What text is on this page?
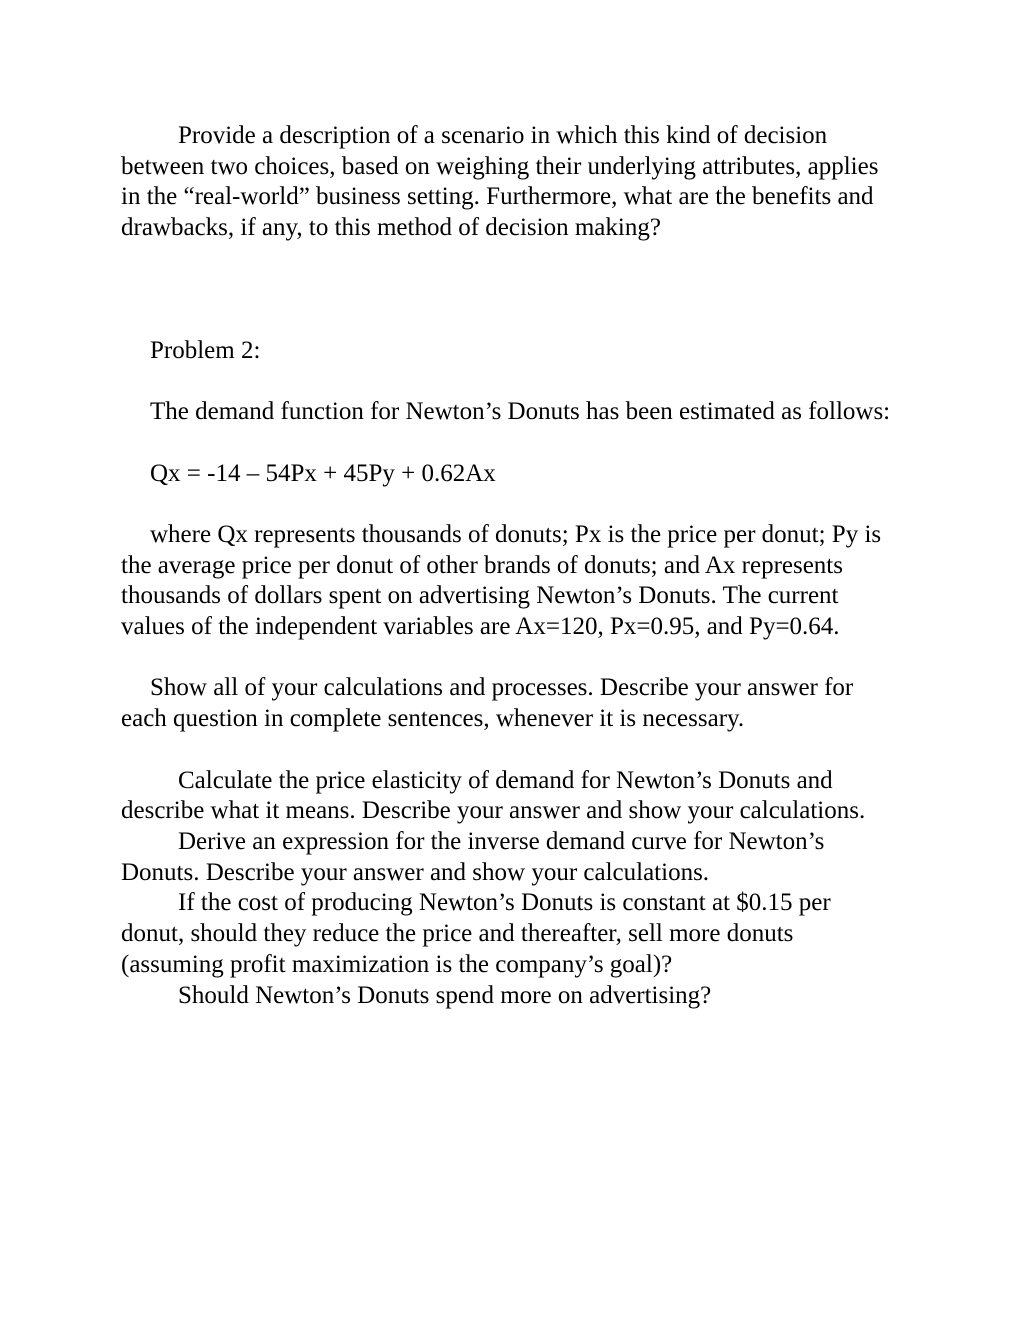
Provide a description of a scenario in which this kind of decision between two choices, based on weighing their underlying attributes, applies in the “real-world” business setting. Furthermore, what are the benefits and drawbacks, if any, to this method of decision making?

Problem 2:

The demand function for Newton’s Donuts has been estimated as follows:

Qx = -14 – 54Px + 45Py + 0.62Ax

where Qx represents thousands of donuts; Px is the price per donut; Py is the average price per donut of other brands of donuts; and Ax represents thousands of dollars spent on advertising Newton’s Donuts. The current values of the independent variables are Ax=120, Px=0.95, and Py=0.64.

Show all of your calculations and processes. Describe your answer for each question in complete sentences, whenever it is necessary.

Calculate the price elasticity of demand for Newton’s Donuts and describe what it means. Describe your answer and show your calculations.

Derive an expression for the inverse demand curve for Newton’s Donuts. Describe your answer and show your calculations.

If the cost of producing Newton’s Donuts is constant at $0.15 per donut, should they reduce the price and thereafter, sell more donuts (assuming profit maximization is the company’s goal)?

Should Newton’s Donuts spend more on advertising?
